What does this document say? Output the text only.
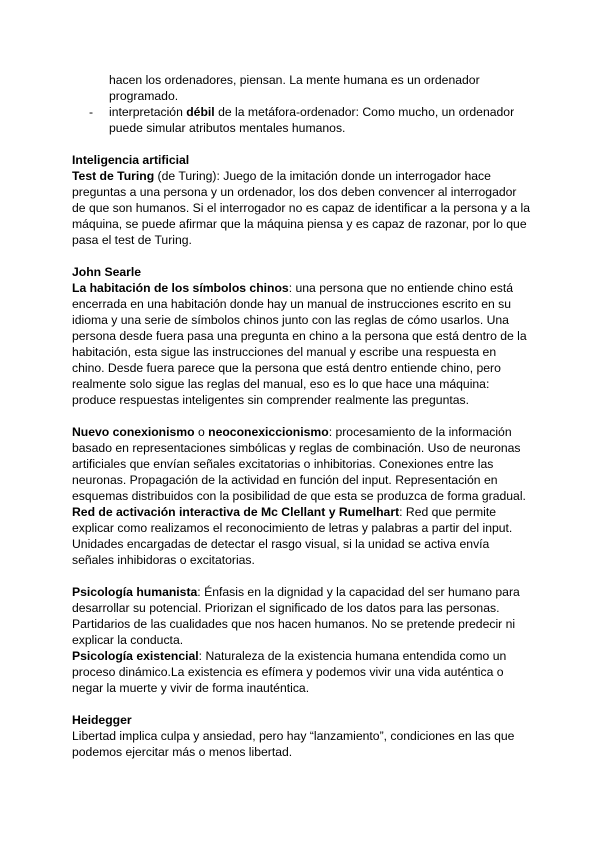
hacen los ordenadores, piensan. La mente humana es un ordenador
programado.
- interpretación débil de la metáfora-ordenador: Como mucho, un ordenador
puede simular atributos mentales humanos.
Inteligencia artificial
Test de Turing (de Turing): Juego de la imitación donde un interrogador hace
preguntas a una persona y un ordenador, los dos deben convencer al interrogador
de que son humanos. Si el interrogador no es capaz de identificar a la persona y a la
máquina, se puede afirmar que la máquina piensa y es capaz de razonar, por lo que
pasa el test de Turing.
John Searle
La habitación de los símbolos chinos: una persona que no entiende chino está
encerrada en una habitación donde hay un manual de instrucciones escrito en su
idioma y una serie de símbolos chinos junto con las reglas de cómo usarlos. Una
persona desde fuera pasa una pregunta en chino a la persona que está dentro de la
habitación, esta sigue las instrucciones del manual y escribe una respuesta en
chino. Desde fuera parece que la persona que está dentro entiende chino, pero
realmente solo sigue las reglas del manual, eso es lo que hace una máquina:
produce respuestas inteligentes sin comprender realmente las preguntas.
Nuevo conexionismo o neoconexiccionismo: procesamiento de la información
basado en representaciones simbólicas y reglas de combinación. Uso de neuronas
artificiales que envían señales excitatorias o inhibitorias. Conexiones entre las
neuronas. Propagación de la actividad en función del input. Representación en
esquemas distribuidos con la posibilidad de que esta se produzca de forma gradual.
Red de activación interactiva de Mc Clellant y Rumelhart: Red que permite
explicar como realizamos el reconocimiento de letras y palabras a partir del input.
Unidades encargadas de detectar el rasgo visual, si la unidad se activa envía
señales inhibidoras o excitatorias.
Psicología humanista: Énfasis en la dignidad y la capacidad del ser humano para
desarrollar su potencial. Priorizan el significado de los datos para las personas.
Partidarios de las cualidades que nos hacen humanos. No se pretende predecir ni
explicar la conducta.
Psicología existencial: Naturaleza de la existencia humana entendida como un
proceso dinámico.La existencia es efímera y podemos vivir una vida auténtica o
negar la muerte y vivir de forma inauténtica.
Heidegger
Libertad implica culpa y ansiedad, pero hay “lanzamiento”, condiciones en las que
podemos ejercitar más o menos libertad.
